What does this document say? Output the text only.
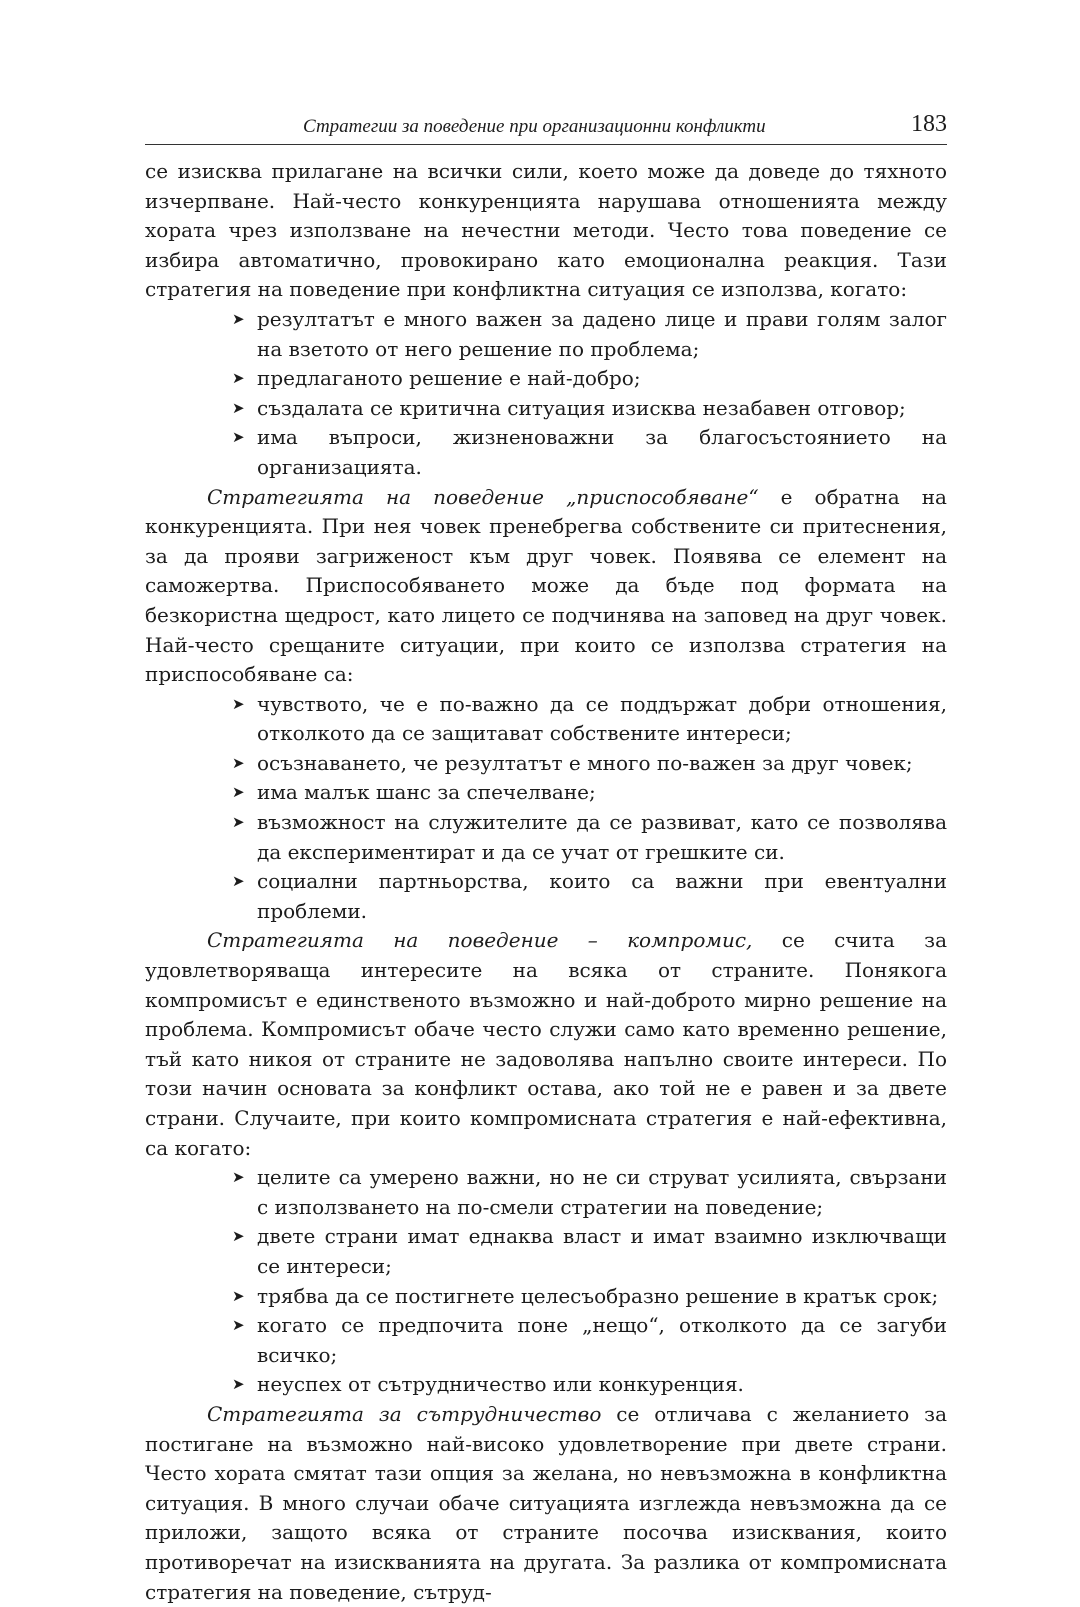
Стратегии за поведение при организационни конфликти	183

се изисква прилагане на всички сили, което може да доведе до тяхното изчерпване. Най-често конкуренцията нарушава отношенията между хората чрез използване на нечестни методи. Често това поведение се избира автоматично, провокирано като емоционална реакция. Тази стратегия на поведение при конфликтна ситуация се използва, когато:

➤ резултатът е много важен за дадено лице и прави голям залог на взетото от него решение по проблема;
➤ предлаганото решение е най-добро;
➤ създалата се критична ситуация изисква незабавен отговор;
➤ има въпроси, жизненоважни за благосъстоянието на организацията.

Стратегията на поведение „приспособяване“ е обратна на конкуренцията. При нея човек пренебрегва собствените си притеснения, за да прояви загриженост към друг човек. Появява се елемент на саможертва. Приспособяването може да бъде под формата на безкористна щедрост, като лицето се подчинява на заповед на друг човек. Най-често срещаните ситуации, при които се използва стратегия на приспособяване са:

➤ чувството, че е по-важно да се поддържат добри отношения, отколкото да се защитават собствените интереси;
➤ осъзнаването, че резултатът е много по-важен за друг човек;
➤ има малък шанс за спечелване;
➤ възможност на служителите да се развиват, като се позволява да експериментират и да се учат от грешките си.
➤ социални партньорства, които са важни при евентуални проблеми.

Стратегията на поведение – компромис, се счита за удовлетворяваща интересите на всяка от страните. Понякога компромисът е единственото възможно и най-доброто мирно решение на проблема. Компромисът обаче често служи само като временно решение, тъй като никоя от страните не задоволява напълно своите интереси. По този начин основата за конфликт остава, ако той не е равен и за двете страни. Случаите, при които компромисната стратегия е най-ефективна, са когато:

➤ целите са умерено важни, но не си струват усилията, свързани с използването на по-смели стратегии на поведение;
➤ двете страни имат еднаква власт и имат взаимно изключващи се интереси;
➤ трябва да се постигнете целесъобразно решение в кратък срок;
➤ когато се предпочита поне „нещо“, отколкото да се загуби всичко;
➤ неуспех от сътрудничество или конкуренция.

Стратегията за сътрудничество се отличава с желанието за постигане на възможно най-високо удовлетворение при двете страни. Често хората смятат тази опция за желана, но невъзможна в конфликтна ситуация. В много случаи обаче ситуацията изглежда невъзможна да се приложи, защото всяка от страните посочва изисквания, които противоречат на изискванията на другата. За разлика от компромисната стратегия на поведение, сътруд-
